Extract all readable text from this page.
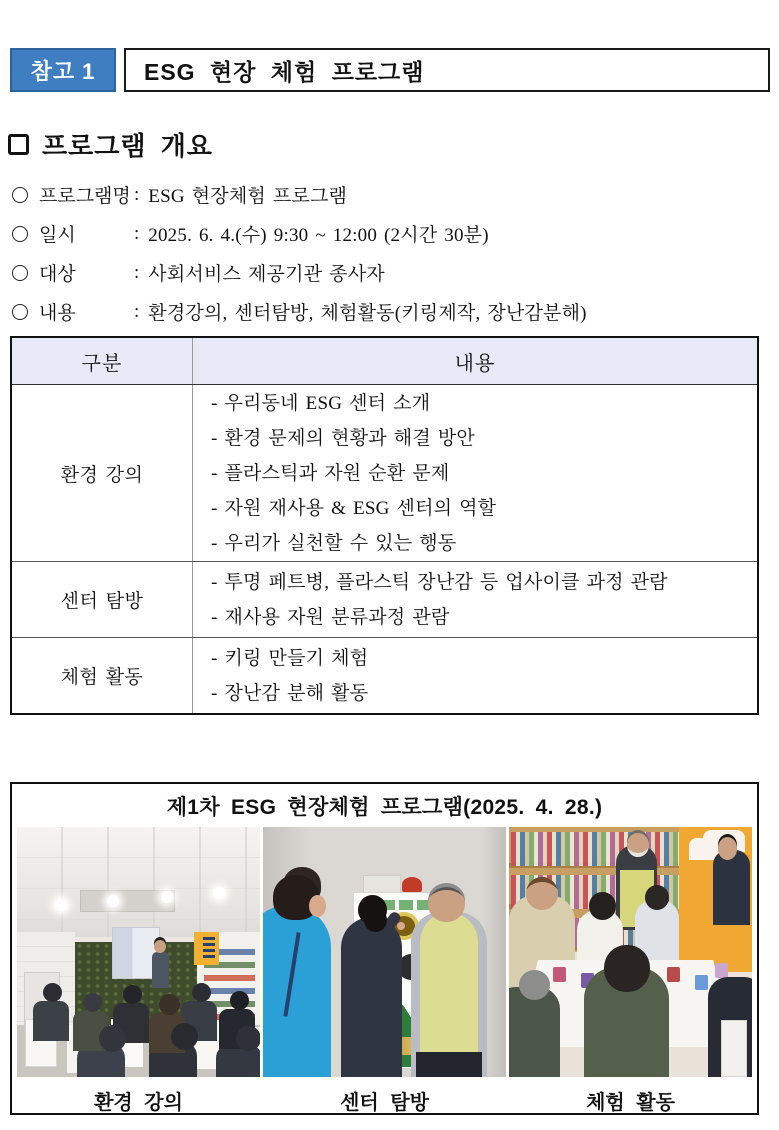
참고 1	ESG 현장 체험 프로그램
프로그램 개요
프로그램명 : ESG 현장체험 프로그램
일시	: 2025. 6. 4.(수) 9:30 ~ 12:00 (2시간 30분)
대상	: 사회서비스 제공기관 종사자
내용	: 환경강의, 센터탐방, 체험활동(키링제작, 장난감분해)
구분	내용
환경 강의
- 우리동네 ESG 센터 소개
- 환경 문제의 현황과 해결 방안
- 플라스틱과 자원 순환 문제
- 자원 재사용 & ESG 센터의 역할
- 우리가 실천할 수 있는 행동
센터 탐방
- 투명 페트병, 플라스틱 장난감 등 업사이클 과정 관람
- 재사용 자원 분류과정 관람
체험 활동
- 키링 만들기 체험
- 장난감 분해 활동

제1차 ESG 현장체험 프로그램(2025. 4. 28.)

환경 강의	센터 탐방	체험 활동
